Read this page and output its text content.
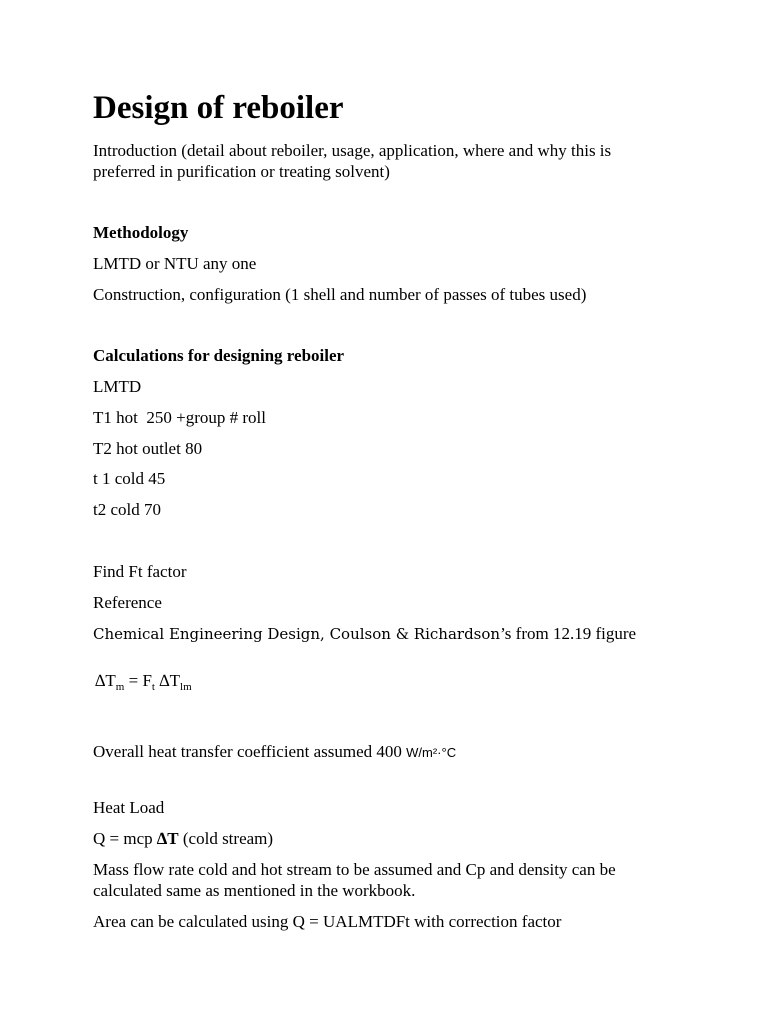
Design of reboiler

Introduction (detail about reboiler, usage, application, where and why this is

preferred in purification or treating solvent)

Methodology

LMTD or NTU any one

Construction, configuration (1 shell and number of passes of tubes used)

Calculations for designing reboiler

LMTD

T1 hot  250 +group # roll

T2 hot outlet 80

t 1 cold 45

t2 cold 70

Find Ft factor

Reference

Chemical Engineering Design, Coulson & Richardson’s from 12.19 figure

$\Delta T_m = F_t$ $\Delta T_{lm}$

Overall heat transfer coefficient assumed 400 W/m²·°C

Heat Load

Q = mcp ∆T (cold stream)

Mass flow rate cold and hot stream to be assumed and Cp and density can be

calculated same as mentioned in the workbook.

Area can be calculated using Q = UALMTDFt with correction factor
